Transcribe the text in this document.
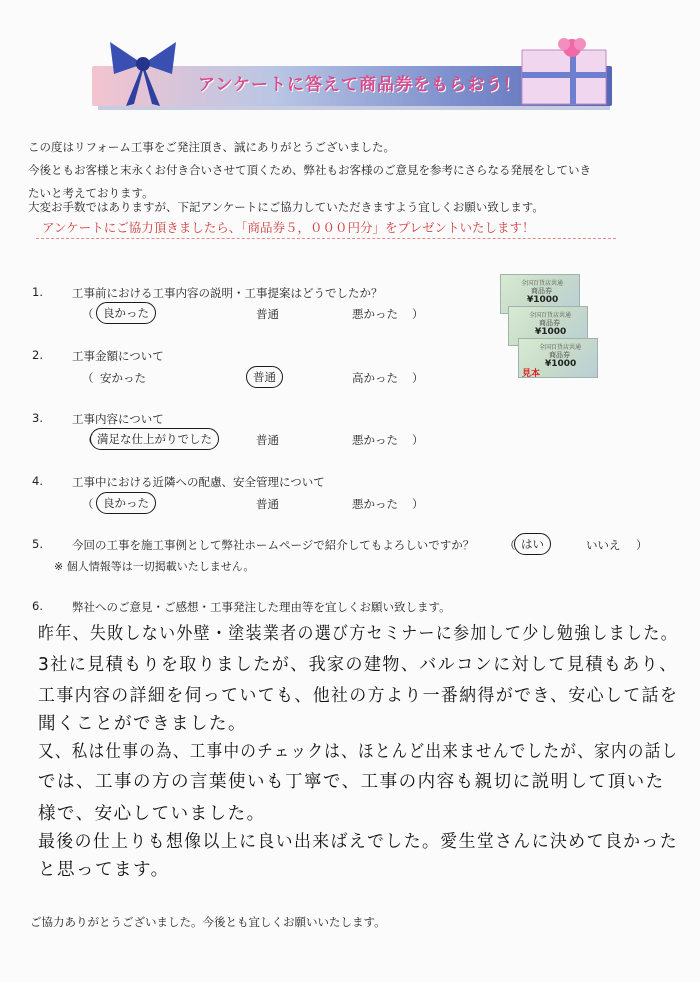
アンケートに答えて商品券をもらおう！

この度はリフォーム工事をご発注頂き、誠にありがとうございました。

今後ともお客様と末永くお付き合いさせて頂くため、弊社もお客様のご意見を参考にさらなる発展をしていき

たいと考えております。

大変お手数ではありますが、下記アンケートにご協力していただきますよう宜しくお願い致します。

アンケートにご協力頂きましたら、「商品券５，０００円分」をプレゼントいたします！
全国百貨店共通
商品券
¥1000
全国百貨店共通
商品券
¥1000
全国百貨店共通
商品券
¥1000
見本
1.	工事前における工事内容の説明・工事提案はどうでしたか？
（ 良かった	普通	悪かった ）
2.	工事金額について
（ 安かった	普通	高かった ）
3.	工事内容について
（ 満足な仕上がりでした	普通	悪かった ）
4.	工事中における近隣への配慮、安全管理について
（ 良かった	普通	悪かった ）
5.	今回の工事を施工事例として弊社ホームページで紹介してもよろしいですか？	（ はい	いいえ ）
※ 個人情報等は一切掲載いたしません。
6.	弊社へのご意見・ご感想・工事発注した理由等を宜しくお願い致します。
昨年、失敗しない外壁・塗装業者の選び方セミナーに参加して少し勉強しました。
3社に見積もりを取りましたが、我家の建物、バルコンに対して見積もあり、
工事内容の詳細を伺っていても、他社の方より一番納得ができ、安心して話を
聞くことができました。
又、私は仕事の為、工事中のチェックは、ほとんど出来ませんでしたが、家内の話し
では、工事の方の言葉使いも丁寧で、工事の内容も親切に説明して頂いた
様で、安心していました。
最後の仕上りも想像以上に良い出来ばえでした。愛生堂さんに決めて良かった
と思ってます。
ご協力ありがとうございました。今後とも宜しくお願いいたします。
